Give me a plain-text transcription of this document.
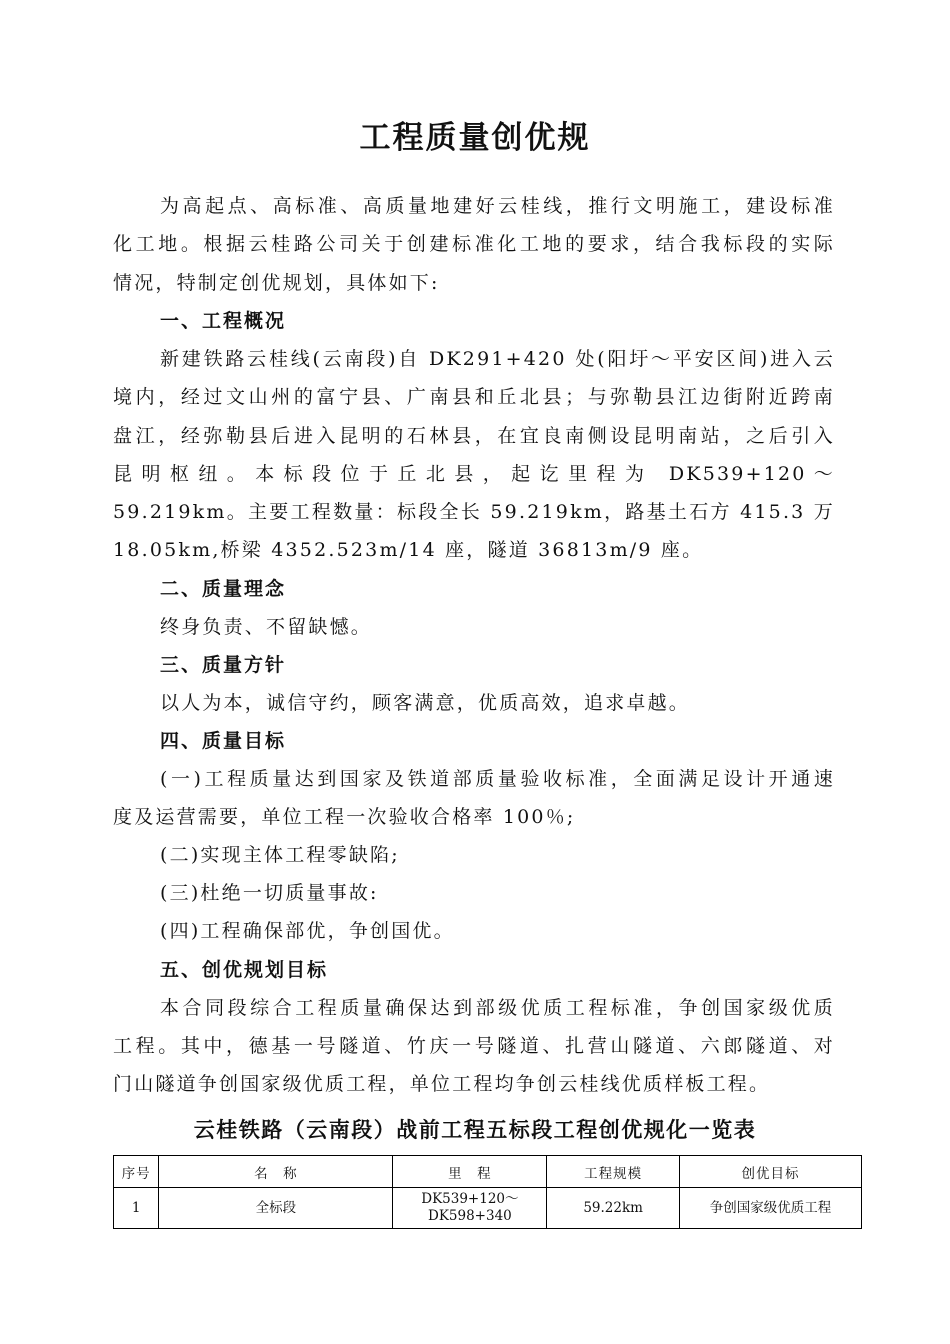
工程质量创优规
为高起点、高标准、高质量地建好云桂线，推行文明施工，建设标准
化工地。根据云桂路公司关于创建标准化工地的要求，结合我标段的实际
情况，特制定创优规划，具体如下:
一、工程概况
新建铁路云桂线(云南段)自 DK291+420 处(阳圩～平安区间)进入云
境内，经过文山州的富宁县、广南县和丘北县；与弥勒县江边街附近跨南
盘江，经弥勒县后进入昆明的石林县，在宜良南侧设昆明南站，之后引入
昆明枢纽。本标段位于丘北县，起讫里程为 DK539+120～
59.219km。主要工程数量：标段全长 59.219km，路基土石方 415.3 万
18.05km,桥梁 4352.523m/14 座，隧道 36813m/9 座。
二、质量理念
终身负责、不留缺憾。
三、质量方针
以人为本，诚信守约，顾客满意，优质高效，追求卓越。
四、质量目标
(一)工程质量达到国家及铁道部质量验收标准，全面满足设计开通速
度及运营需要，单位工程一次验收合格率 100％;
(二)实现主体工程零缺陷;
(三)杜绝一切质量事故:
(四)工程确保部优，争创国优。
五、创优规划目标
本合同段综合工程质量确保达到部级优质工程标准，争创国家级优质
工程。其中，德基一号隧道、竹庆一号隧道、扎营山隧道、六郎隧道、对
门山隧道争创国家级优质工程，单位工程均争创云桂线优质样板工程。
云桂铁路（云南段）战前工程五标段工程创优规化一览表
序号	名　称	里　程	工程规模	创优目标
1	全标段	DK539+120～
DK598+340	59.22km	争创国家级优质工程
